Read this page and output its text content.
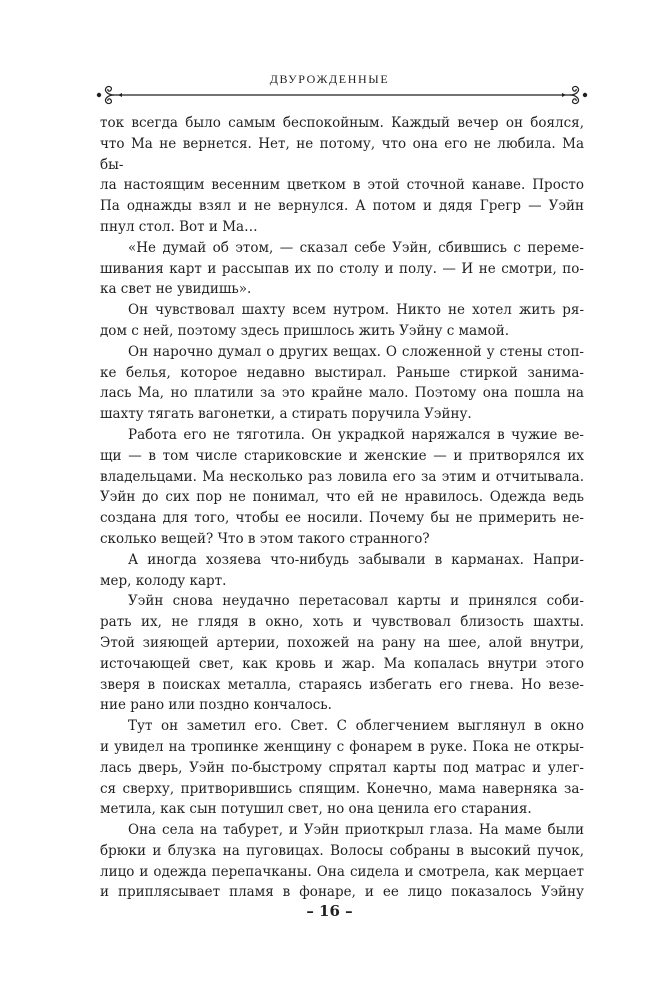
ДВУРОЖДЕННЫЕ

ток всегда было самым беспокойным. Каждый вечер он боялся,
что Ма не вернется. Нет, не потому, что она его не любила. Ма бы-
ла настоящим весенним цветком в этой сточной канаве. Просто
Па однажды взял и не вернулся. А потом и дядя Грегр — Уэйн
пнул стол. Вот и Ма…

«Не думай об этом, — сказал себе Уэйн, сбившись с переме-
шивания карт и рассыпав их по столу и полу. — И не смотри, по-
ка свет не увидишь».

Он чувствовал шахту всем нутром. Никто не хотел жить ря-
дом с ней, поэтому здесь пришлось жить Уэйну с мамой.

Он нарочно думал о других вещах. О сложенной у стены стоп-
ке белья, которое недавно выстирал. Раньше стиркой занима-
лась Ма, но платили за это крайне мало. Поэтому она пошла на
шахту тягать вагонетки, а стирать поручила Уэйну.

Работа его не тяготила. Он украдкой наряжался в чужие ве-
щи — в том числе стариковские и женские — и притворялся их
владельцами. Ма несколько раз ловила его за этим и отчитывала.
Уэйн до сих пор не понимал, что ей не нравилось. Одежда ведь
создана для того, чтобы ее носили. Почему бы не примерить не-
сколько вещей? Что в этом такого странного?

А иногда хозяева что-нибудь забывали в карманах. Напри-
мер, колоду карт.

Уэйн снова неудачно перетасовал карты и принялся соби-
рать их, не глядя в окно, хоть и чувствовал близость шахты.
Этой зияющей артерии, похожей на рану на шее, алой внутри,
источающей свет, как кровь и жар. Ма копалась внутри этого
зверя в поисках металла, стараясь избегать его гнева. Но везе-
ние рано или поздно кончалось.

Тут он заметил его. Свет. С облегчением выглянул в окно
и увидел на тропинке женщину с фонарем в руке. Пока не откры-
лась дверь, Уэйн по-быстрому спрятал карты под матрас и улег-
ся сверху, притворившись спящим. Конечно, мама наверняка за-
метила, как сын потушил свет, но она ценила его старания.

Она села на табурет, и Уэйн приоткрыл глаза. На маме были
брюки и блузка на пуговицах. Волосы собраны в высокий пучок,
лицо и одежда перепачканы. Она сидела и смотрела, как мерцает
и приплясывает пламя в фонаре, и ее лицо показалось Уэйну

– 16 –
